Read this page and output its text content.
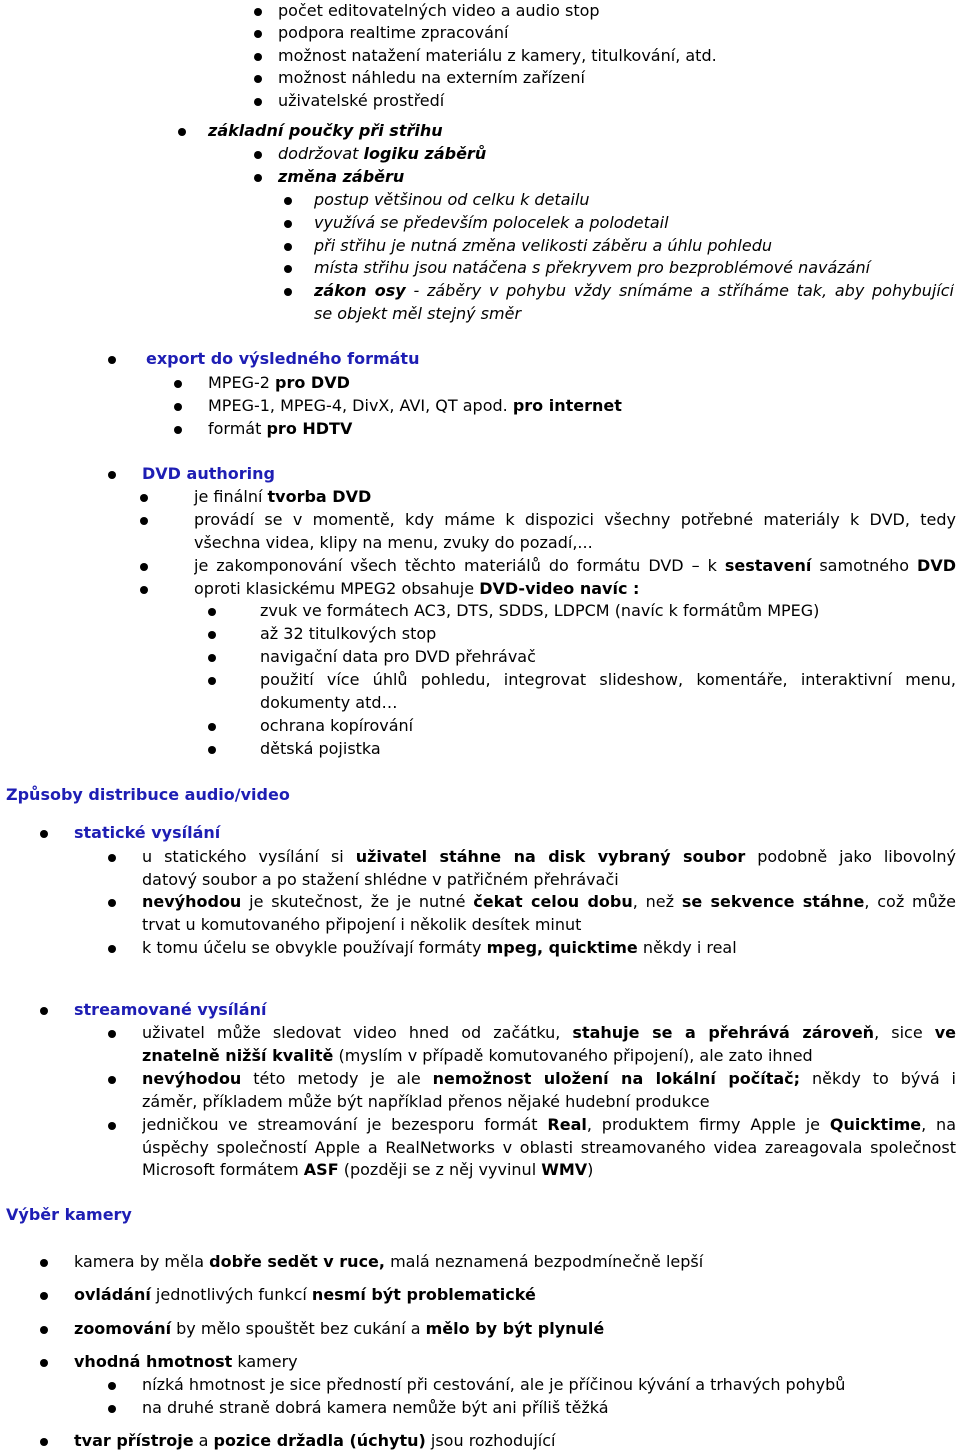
počet editovatelných video a audio stop
podpora realtime zpracování
možnost natažení materiálu z kamery, titulkování, atd.
možnost náhledu na externím zařízení
uživatelské prostředí
základní poučky při střihu
dodržovat logiku záběrů
změna záběru
postup většinou od celku k detailu
využívá se především polocelek a polodetail
při střihu je nutná změna velikosti záběru a úhlu pohledu
místa střihu jsou natáčena s překryvem pro bezproblémové navázání
zákon osy - záběry v pohybu vždy snímáme a stříháme tak, aby pohybující
se objekt měl stejný směr
export do výsledného formátu
MPEG-2 pro DVD
MPEG-1, MPEG-4, DivX, AVI, QT apod. pro internet
formát pro HDTV
DVD authoring
je finální tvorba DVD
provádí se v momentě, kdy máme k dispozici všechny potřebné materiály k DVD, tedy
všechna videa, klipy na menu, zvuky do pozadí,...
je zakomponování všech těchto materiálů do formátu DVD – k sestavení samotného DVD
oproti klasickému MPEG2 obsahuje DVD-video navíc :
zvuk ve formátech AC3, DTS, SDDS, LDPCM (navíc k formátům MPEG)
až 32 titulkových stop
navigační data pro DVD přehrávač
použití více úhlů pohledu, integrovat slideshow, komentáře, interaktivní menu,
dokumenty atd…
ochrana kopírování
dětská pojistka
Způsoby distribuce audio/video
statické vysílání
u statického vysílání si uživatel stáhne na disk vybraný soubor podobně jako libovolný
datový soubor a po stažení shlédne v patřičném přehrávači
nevýhodou je skutečnost, že je nutné čekat celou dobu, než se sekvence stáhne, což může
trvat u komutovaného připojení i několik desítek minut
k tomu účelu se obvykle používají formáty mpeg, quicktime někdy i real
streamované vysílání
uživatel může sledovat video hned od začátku, stahuje se a přehrává zároveň, sice ve
znatelně nižší kvalitě (myslím v případě komutovaného připojení), ale zato ihned
nevýhodou této metody je ale nemožnost uložení na lokální počítač; někdy to bývá i
záměr, příkladem může být například přenos nějaké hudební produkce
jedničkou ve streamování je bezesporu formát Real, produktem firmy Apple je Quicktime, na
úspěchy společností Apple a RealNetworks v oblasti streamovaného videa zareagovala společnost
Microsoft formátem ASF (později se z něj vyvinul WMV)
Výběr kamery
kamera by měla dobře sedět v ruce, malá neznamená bezpodmínečně lepší
ovládání jednotlivých funkcí nesmí být problematické
zoomování by mělo spouštět bez cukání a mělo by být plynulé
vhodná hmotnost kamery
nízká hmotnost je sice předností při cestování, ale je příčinou kývání a trhavých pohybů
na druhé straně dobrá kamera nemůže být ani příliš těžká
tvar přístroje a pozice držadla (úchytu) jsou rozhodující
